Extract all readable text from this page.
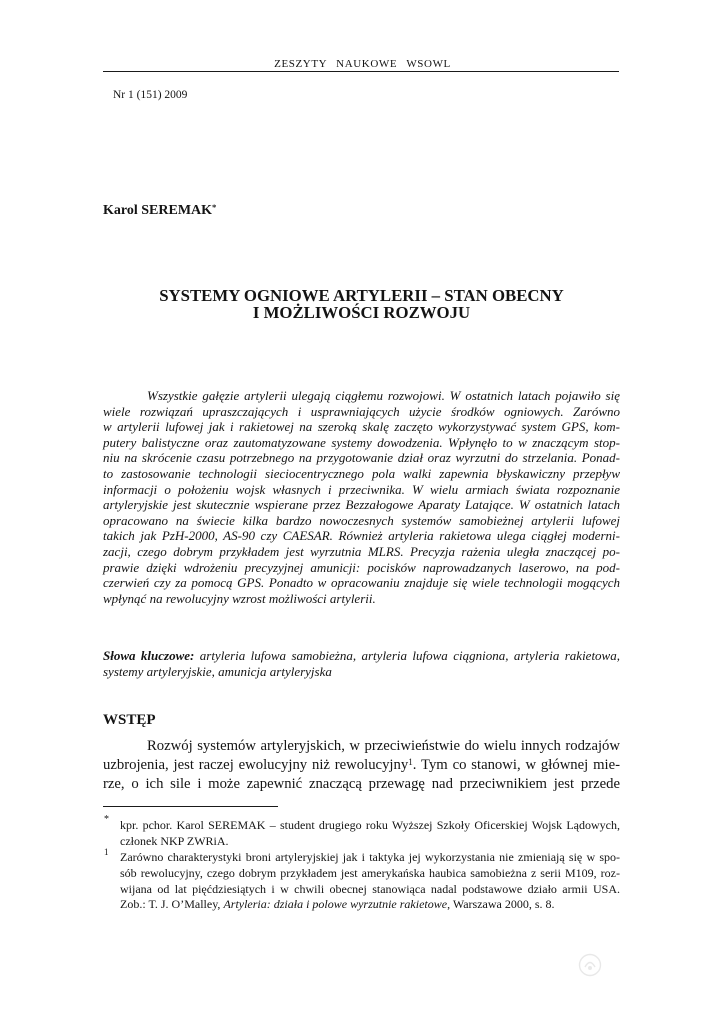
ZESZYTY NAUKOWE WSOWL
Nr 1 (151) 2009
Karol SEREMAK*
SYSTEMY OGNIOWE ARTYLERII – STAN OBECNY
I MOŻLIWOŚCI ROZWOJU
Wszystkie gałęzie artylerii ulegają ciągłemu rozwojowi. W ostatnich latach pojawiło się
wiele rozwiązań upraszczających i usprawniających użycie środków ogniowych. Zarówno
w artylerii lufowej jak i rakietowej na szeroką skalę zaczęto wykorzystywać system GPS, kom-
putery balistyczne oraz zautomatyzowane systemy dowodzenia. Wpłynęło to w znaczącym stop-
niu na skrócenie czasu potrzebnego na przygotowanie dział oraz wyrzutni do strzelania. Ponad-
to zastosowanie technologii sieciocentrycznego pola walki zapewnia błyskawiczny przepływ
informacji o położeniu wojsk własnych i przeciwnika. W wielu armiach świata rozpoznanie
artyleryjskie jest skutecznie wspierane przez Bezzałogowe Aparaty Latające. W ostatnich latach
opracowano na świecie kilka bardzo nowoczesnych systemów samobieżnej artylerii lufowej
takich jak PzH-2000, AS-90 czy CAESAR. Również artyleria rakietowa ulega ciągłej moderni-
zacji, czego dobrym przykładem jest wyrzutnia MLRS. Precyzja rażenia uległa znaczącej po-
prawie dzięki wdrożeniu precyzyjnej amunicji: pocisków naprowadzanych laserowo, na pod-
czerwień czy za pomocą GPS. Ponadto w opracowaniu znajduje się wiele technologii mogących
wpłynąć na rewolucyjny wzrost możliwości artylerii.
Słowa kluczowe: artyleria lufowa samobieżna, artyleria lufowa ciągniona, artyleria rakietowa,
systemy artyleryjskie, amunicja artyleryjska
WSTĘP
Rozwój systemów artyleryjskich, w przeciwieństwie do wielu innych rodzajów
uzbrojenia, jest raczej ewolucyjny niż rewolucyjny$^1$. Tym co stanowi, w głównej mie-
rze, o ich sile i może zapewnić znaczącą przewagę nad przeciwnikiem jest przede
* kpr. pchor. Karol SEREMAK – student drugiego roku Wyższej Szkoły Oficerskiej Wojsk Lądowych,
członek NKP ZWRiA.
1 Zarówno charakterystyki broni artyleryjskiej jak i taktyka jej wykorzystania nie zmieniają się w spo-
sób rewolucyjny, czego dobrym przykładem jest amerykańska haubica samobieżna z serii M109, roz-
wijana od lat pięćdziesiątych i w chwili obecnej stanowiąca nadal podstawowe działo armii USA.
Zob.: T. J. O’Malley, Artyleria: działa i polowe wyrzutnie rakietowe, Warszawa 2000, s. 8.
